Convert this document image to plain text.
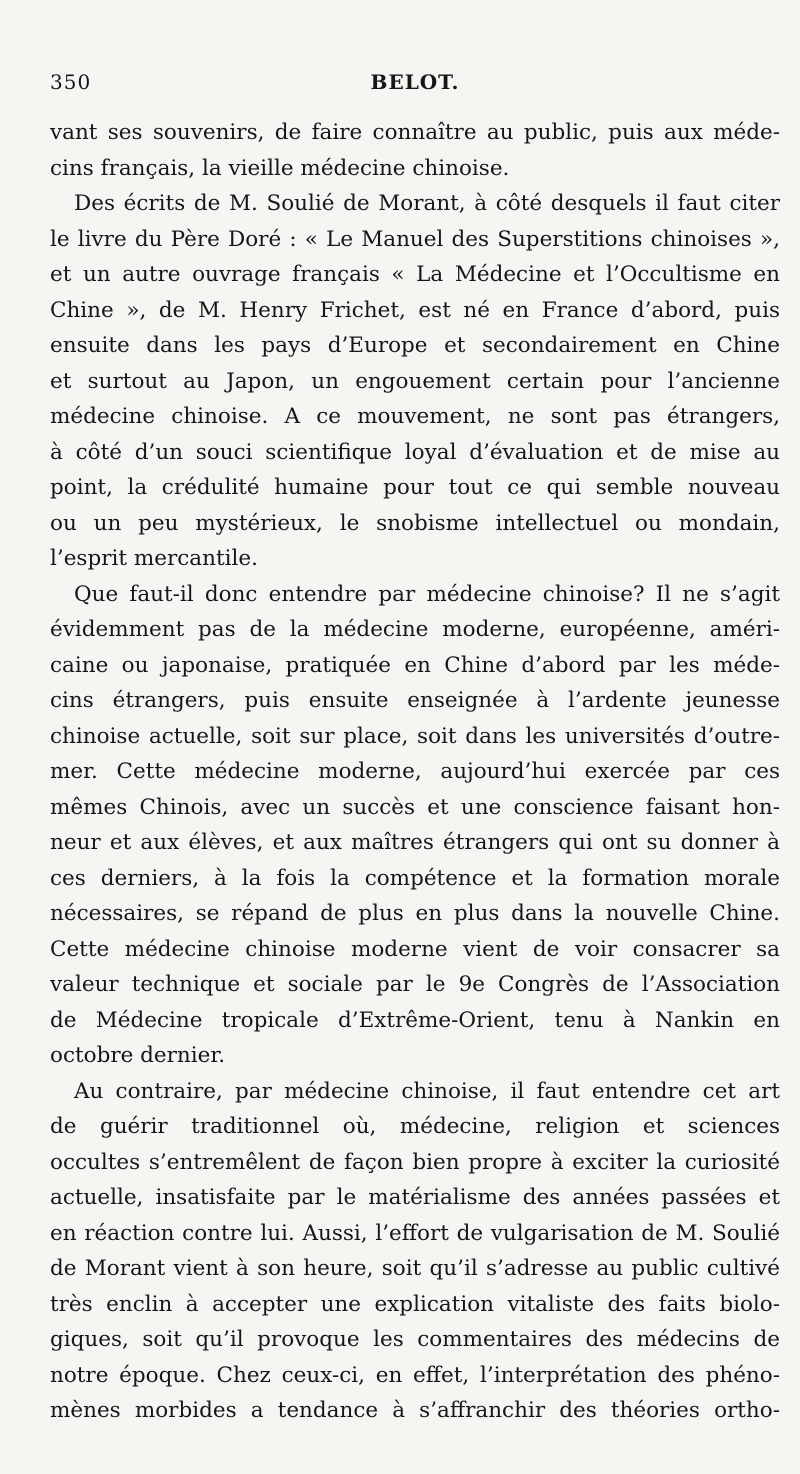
350	BELOT.
vant ses souvenirs, de faire connaître au public, puis aux méde-
cins français, la vieille médecine chinoise.
Des écrits de M. Soulié de Morant, à côté desquels il faut citer
le livre du Père Doré : « Le Manuel des Superstitions chinoises »,
et un autre ouvrage français « La Médecine et l’Occultisme en
Chine », de M. Henry Frichet, est né en France d’abord, puis
ensuite dans les pays d’Europe et secondairement en Chine
et surtout au Japon, un engouement certain pour l’ancienne
médecine chinoise. A ce mouvement, ne sont pas étrangers,
à côté d’un souci scientifique loyal d’évaluation et de mise au
point, la crédulité humaine pour tout ce qui semble nouveau
ou un peu mystérieux, le snobisme intellectuel ou mondain,
l’esprit mercantile.
Que faut-il donc entendre par médecine chinoise? Il ne s’agit
évidemment pas de la médecine moderne, européenne, améri-
caine ou japonaise, pratiquée en Chine d’abord par les méde-
cins étrangers, puis ensuite enseignée à l’ardente jeunesse
chinoise actuelle, soit sur place, soit dans les universités d’outre-
mer. Cette médecine moderne, aujourd’hui exercée par ces
mêmes Chinois, avec un succès et une conscience faisant hon-
neur et aux élèves, et aux maîtres étrangers qui ont su donner à
ces derniers, à la fois la compétence et la formation morale
nécessaires, se répand de plus en plus dans la nouvelle Chine.
Cette médecine chinoise moderne vient de voir consacrer sa
valeur technique et sociale par le 9e Congrès de l’Association
de Médecine tropicale d’Extrême-Orient, tenu à Nankin en
octobre dernier.
Au contraire, par médecine chinoise, il faut entendre cet art
de guérir traditionnel où, médecine, religion et sciences
occultes s’entremêlent de façon bien propre à exciter la curiosité
actuelle, insatisfaite par le matérialisme des années passées et
en réaction contre lui. Aussi, l’effort de vulgarisation de M. Soulié
de Morant vient à son heure, soit qu’il s’adresse au public cultivé
très enclin à accepter une explication vitaliste des faits biolo-
giques, soit qu’il provoque les commentaires des médecins de
notre époque. Chez ceux-ci, en effet, l’interprétation des phéno-
mènes morbides a tendance à s’affranchir des théories ortho-
